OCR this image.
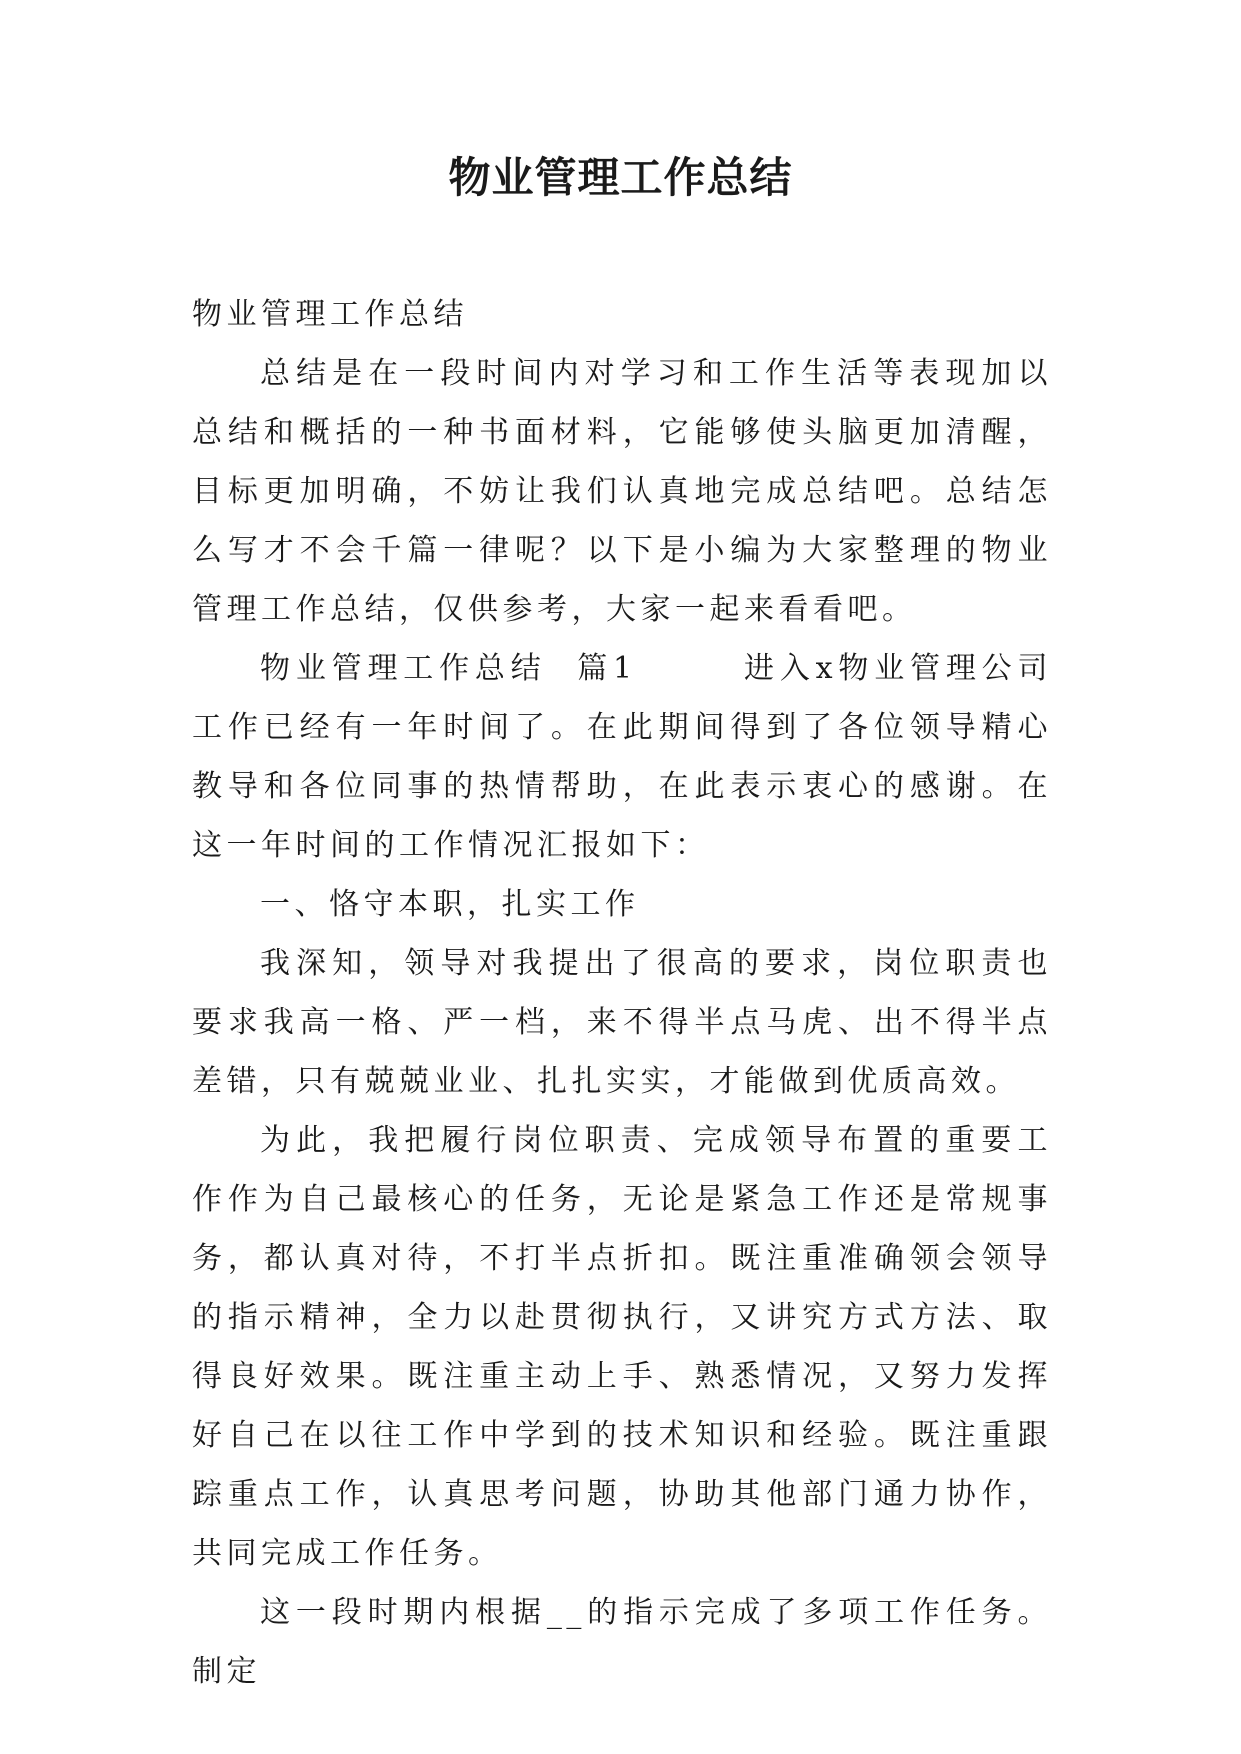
物业管理工作总结

物业管理工作总结

总结是在一段时间内对学习和工作生活等表现加以总结和概括的一种书面材料，它能够使头脑更加清醒，目标更加明确，不妨让我们认真地完成总结吧。总结怎么写才不会千篇一律呢？以下是小编为大家整理的物业管理工作总结，仅供参考，大家一起来看看吧。

物业管理工作总结  篇1       进入x物业管理公司工作已经有一年时间了。在此期间得到了各位领导精心教导和各位同事的热情帮助，在此表示衷心的感谢。在这一年时间的工作情况汇报如下：

一、恪守本职，扎实工作

我深知，领导对我提出了很高的要求，岗位职责也要求我高一格、严一档，来不得半点马虎、出不得半点差错，只有兢兢业业、扎扎实实，才能做到优质高效。

为此，我把履行岗位职责、完成领导布置的重要工作作为自己最核心的任务，无论是紧急工作还是常规事务，都认真对待，不打半点折扣。既注重准确领会领导的指示精神，全力以赴贯彻执行，又讲究方式方法、取得良好效果。既注重主动上手、熟悉情况，又努力发挥好自己在以往工作中学到的技术知识和经验。既注重跟踪重点工作，认真思考问题，协助其他部门通力协作，共同完成工作任务。

这一段时期内根据__的指示完成了多项工作任务。制定
